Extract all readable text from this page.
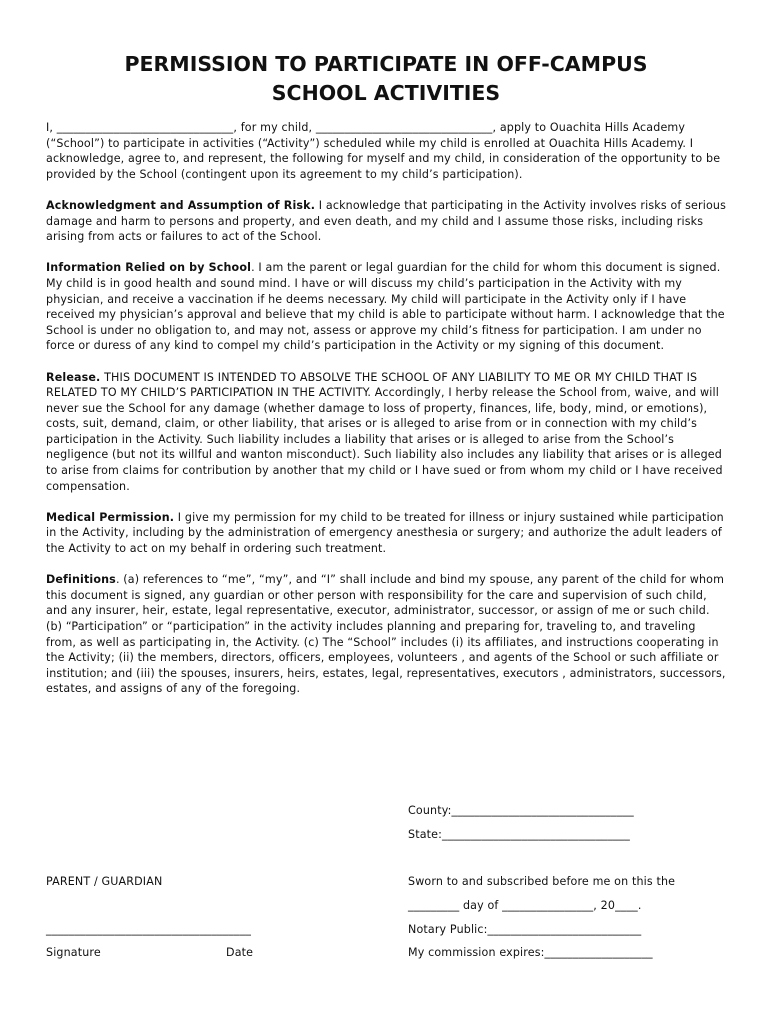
PERMISSION TO PARTICIPATE IN OFF-CAMPUS
SCHOOL ACTIVITIES

I, _______________________________, for my child, _______________________________, apply to Ouachita Hills Academy (“School”) to participate in activities (“Activity”) scheduled while my child is enrolled at Ouachita Hills Academy. I acknowledge, agree to, and represent, the following for myself and my child, in consideration of the opportunity to be provided by the School (contingent upon its agreement to my child’s participation).

Acknowledgment and Assumption of Risk. I acknowledge that participating in the Activity involves risks of serious damage and harm to persons and property, and even death, and my child and I assume those risks, including risks arising from acts or failures to act of the School.

Information Relied on by School. I am the parent or legal guardian for the child for whom this document is signed. My child is in good health and sound mind. I have or will discuss my child’s participation in the Activity with my physician, and receive a vaccination if he deems necessary. My child will participate in the Activity only if I have received my physician’s approval and believe that my child is able to participate without harm. I acknowledge that the School is under no obligation to, and may not, assess or approve my child’s fitness for participation. I am under no force or duress of any kind to compel my child’s participation in the Activity or my signing of this document.

Release. THIS DOCUMENT IS INTENDED TO ABSOLVE THE SCHOOL OF ANY LIABILITY TO ME OR MY CHILD THAT IS RELATED TO MY CHILD’S PARTICIPATION IN THE ACTIVITY. Accordingly, I herby release the School from, waive, and will never sue the School for any damage (whether damage to loss of property, finances, life, body, mind, or emotions), costs, suit, demand, claim, or other liability, that arises or is alleged to arise from or in connection with my child’s participation in the Activity. Such liability includes a liability that arises or is alleged to arise from the School’s negligence (but not its willful and wanton misconduct). Such liability also includes any liability that arises or is alleged to arise from claims for contribution by another that my child or I have sued or from whom my child or I have received compensation.

Medical Permission. I give my permission for my child to be treated for illness or injury sustained while participation in the Activity, including by the administration of emergency anesthesia or surgery; and authorize the adult leaders of the Activity to act on my behalf in ordering such treatment.

Definitions. (a) references to “me”, “my”, and “I” shall include and bind my spouse, any parent of the child for whom this document is signed, any guardian or other person with responsibility for the care and supervision of such child, and any insurer, heir, estate, legal representative, executor, administrator, successor, or assign of me or such child. (b) “Participation” or “participation” in the activity includes planning and preparing for, traveling to, and traveling from, as well as participating in, the Activity. (c) The “School” includes (i) its affiliates, and instructions cooperating in the Activity; (ii) the members, directors, officers, employees, volunteers , and agents of the School or such affiliate or institution; and (iii) the spouses, insurers, heirs, estates, legal, representatives, executors , administrators, successors, estates, and assigns of any of the foregoing.

County:________________________________
State:_________________________________
PARENT / GUARDIAN	Sworn to and subscribed before me on this the
_________ day of ________________, 20____.
____________________________________	Notary Public:___________________________
Signature	Date	My commission expires:___________________
